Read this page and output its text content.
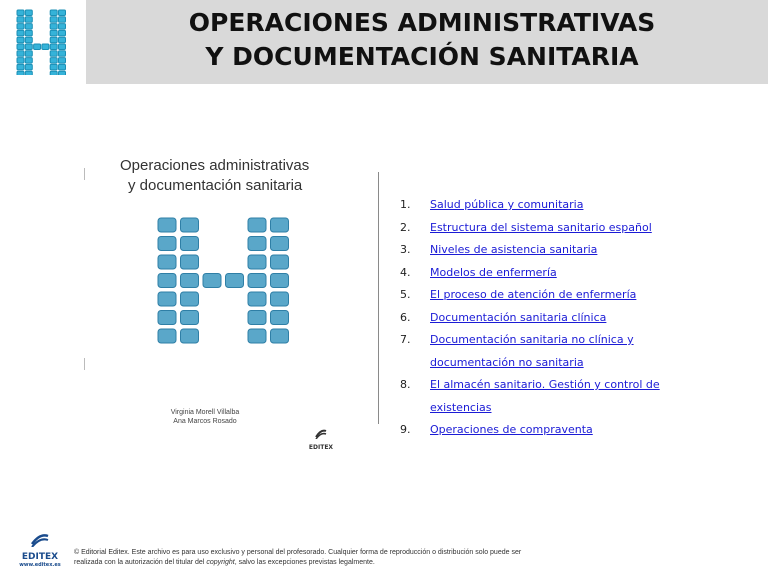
OPERACIONES ADMINISTRATIVAS
Y DOCUMENTACIÓN SANITARIA
Operaciones administrativas
y documentación sanitaria
Virginia Morell Villalba
Ana Marcos Rosado
EDITEX
1. Salud pública y comunitaria
2. Estructura del sistema sanitario español
3. Niveles de asistencia sanitaria
4. Modelos de enfermería
5. El proceso de atención de enfermería
6. Documentación sanitaria clínica
7. Documentación sanitaria no clínica y documentación no sanitaria
8. El almacén sanitario. Gestión y control de existencias
9. Operaciones de compraventa
EDITEX
www.editex.es
© Editorial Editex. Este archivo es para uso exclusivo y personal del profesorado. Cualquier forma de reproducción o distribución solo puede ser realizada con la autorización del titular del copyright, salvo las excepciones previstas legalmente.
